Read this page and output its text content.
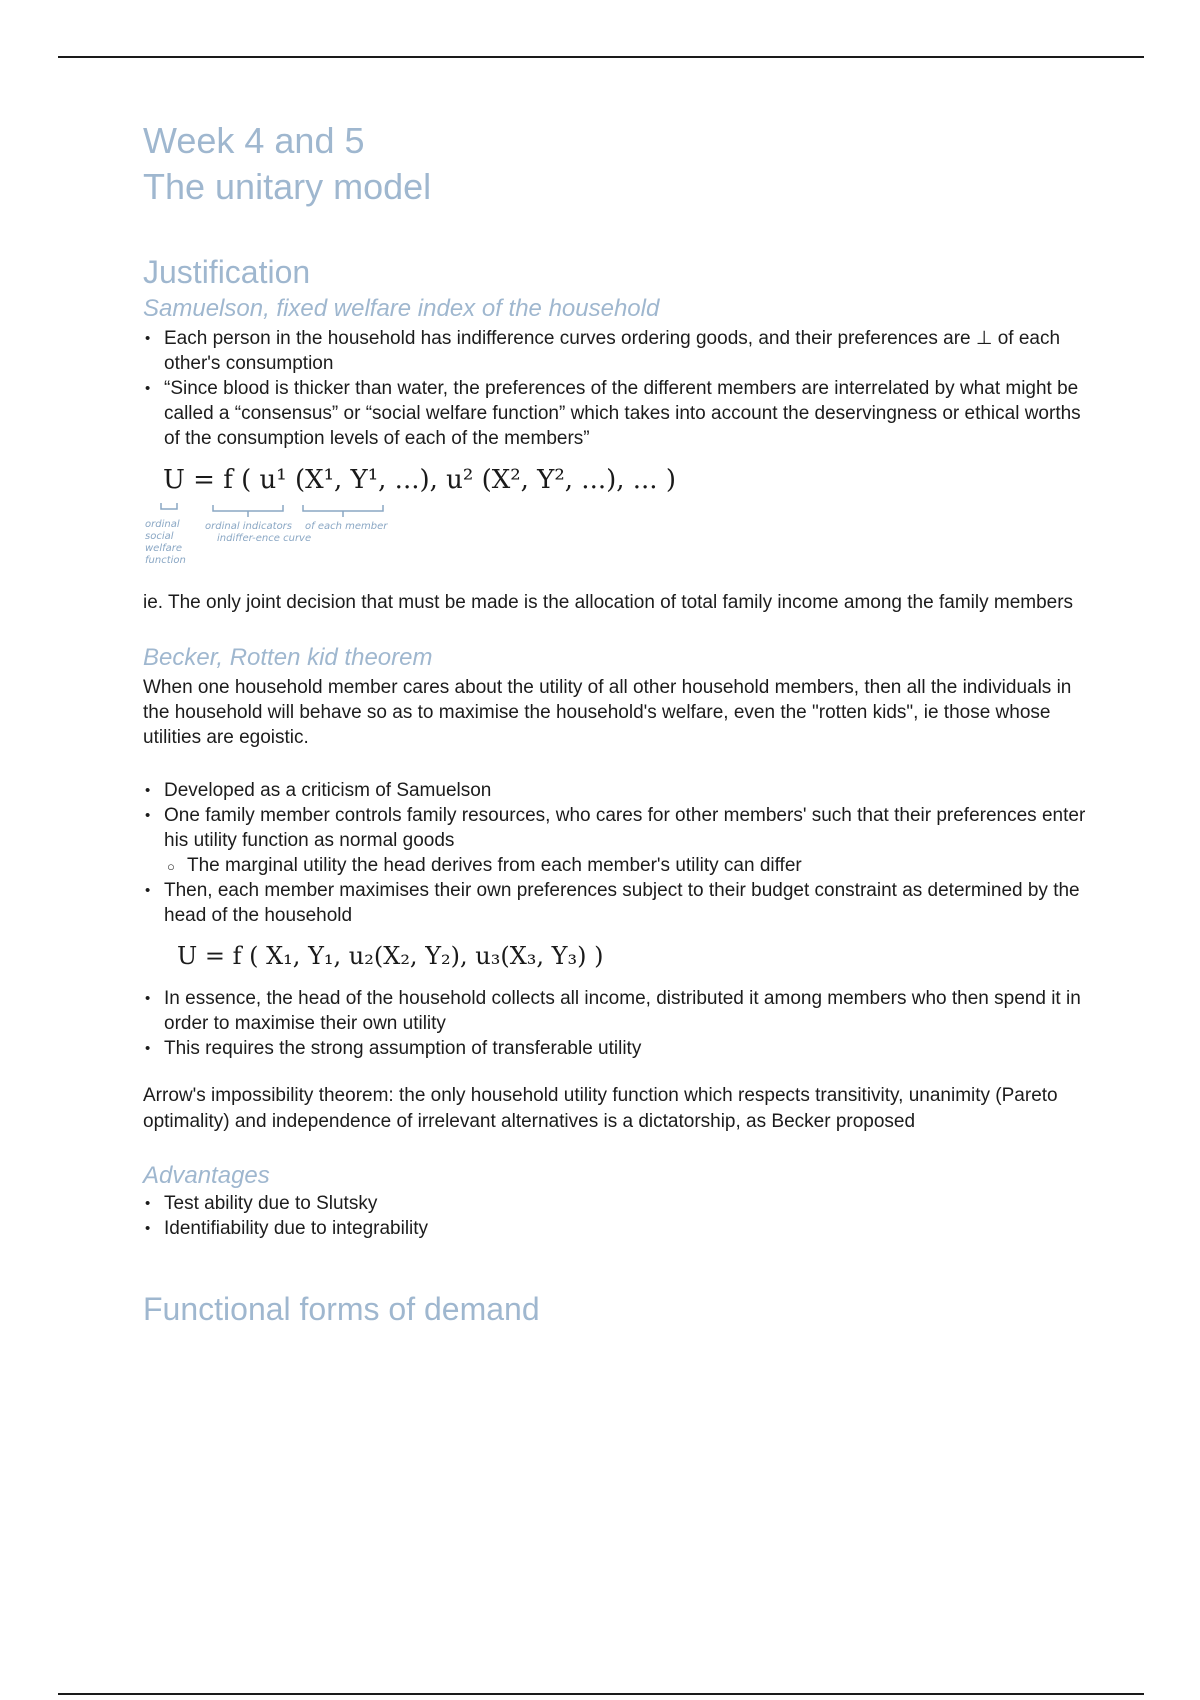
Week 4 and 5
The unitary model
Justification
Samuelson, fixed welfare index of the household
• Each person in the household has indifference curves ordering goods, and their preferences are ⊥ of each other's consumption
• “Since blood is thicker than water, the preferences of the different members are interrelated by what might be called a “consensus” or “social welfare function” which takes into account the deservingness or ethical worths of the consumption levels of each of the members”
U = f ( u¹ (X¹, Y¹, ...), u² (X², Y², ...), ... )
ordinal social welfare function
ordinal indicators
indiffer-ence curve
of each member

ie. The only joint decision that must be made is the allocation of total family income among the family members

Becker, Rotten kid theorem

When one household member cares about the utility of all other household members, then all the individuals in the household will behave so as to maximise the household's welfare, even the "rotten kids", ie those whose utilities are egoistic.

• Developed as a criticism of Samuelson
• One family member controls family resources, who cares for other members' such that their preferences enter his utility function as normal goods
○ The marginal utility the head derives from each member's utility can differ
• Then, each member maximises their own preferences subject to their budget constraint as determined by the head of the household
U = f ( X₁, Y₁, u₂(X₂, Y₂), u₃(X₃, Y₃) )
• In essence, the head of the household collects all income, distributed it among members who then spend it in order to maximise their own utility
• This requires the strong assumption of transferable utility

Arrow's impossibility theorem: the only household utility function which respects transitivity, unanimity (Pareto optimality) and independence of irrelevant alternatives is a dictatorship, as Becker proposed

Advantages
• Test ability due to Slutsky
• Identifiability due to integrability
Functional forms of demand
